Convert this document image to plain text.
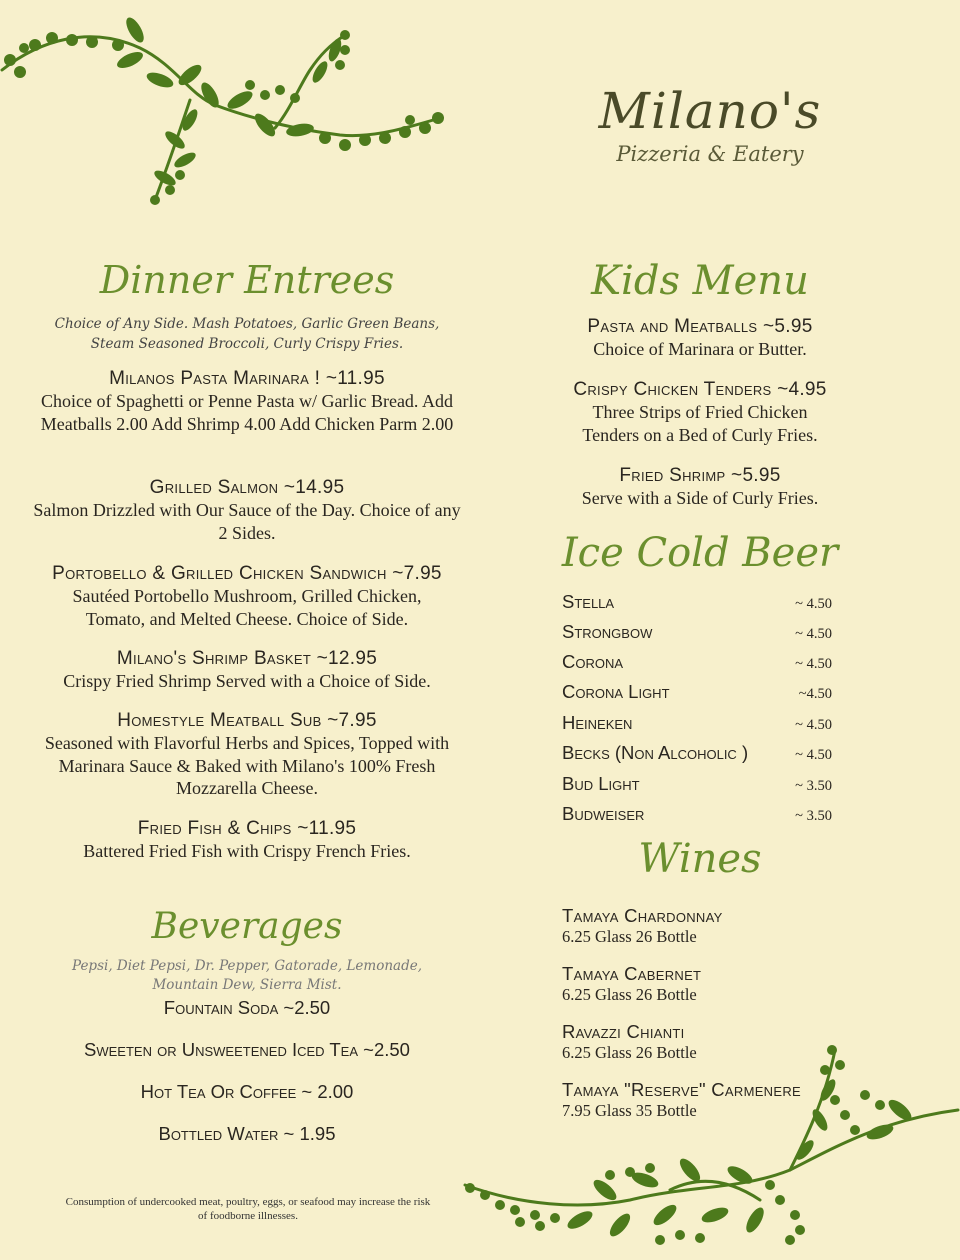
Milano's
Pizzeria & Eatery
Dinner Entrees
Choice of Any Side. Mash Potatoes, Garlic Green Beans, Steam Seasoned Broccoli, Curly Crispy Fries.
Milanos Pasta Marinara ! ~11.95
Choice of Spaghetti or Penne Pasta w/ Garlic Bread. Add Meatballs 2.00 Add Shrimp 4.00 Add Chicken Parm 2.00
Grilled Salmon ~14.95
Salmon Drizzled with Our Sauce of the Day. Choice of any 2 Sides.
Portobello & Grilled Chicken Sandwich ~7.95
Sautéed Portobello Mushroom, Grilled Chicken, Tomato, and Melted Cheese. Choice of Side.
Milano's Shrimp Basket ~12.95
Crispy Fried Shrimp Served with a Choice of Side.
Homestyle Meatball Sub ~7.95
Seasoned with Flavorful Herbs and Spices, Topped with Marinara Sauce & Baked with Milano's 100% Fresh Mozzarella Cheese.
Fried Fish & Chips ~11.95
Battered Fried Fish with Crispy French Fries.
Beverages
Pepsi, Diet Pepsi, Dr. Pepper, Gatorade, Lemonade, Mountain Dew, Sierra Mist.
Fountain Soda ~2.50
Sweeten or Unsweetened Iced Tea ~2.50
Hot Tea Or Coffee ~ 2.00
Bottled Water ~ 1.95
Consumption of undercooked meat, poultry, eggs, or seafood may increase the risk of foodborne illnesses.
Kids Menu
Pasta and Meatballs ~5.95
Choice of Marinara or Butter.
Crispy Chicken Tenders ~4.95
Three Strips of Fried Chicken Tenders on a Bed of Curly Fries.
Fried Shrimp ~5.95
Serve with a Side of Curly Fries.
Ice Cold Beer
Stella	~ 4.50
Strongbow	~ 4.50
Corona	~ 4.50
Corona Light	~4.50
Heineken	~ 4.50
Becks (Non Alcoholic )	~ 4.50
Bud Light	~ 3.50
Budweiser	~ 3.50
Wines
Tamaya Chardonnay
6.25 Glass 26 Bottle
Tamaya Cabernet
6.25 Glass 26 Bottle
Ravazzi Chianti
6.25 Glass 26 Bottle
Tamaya "Reserve" Carmenere
7.95 Glass 35 Bottle
